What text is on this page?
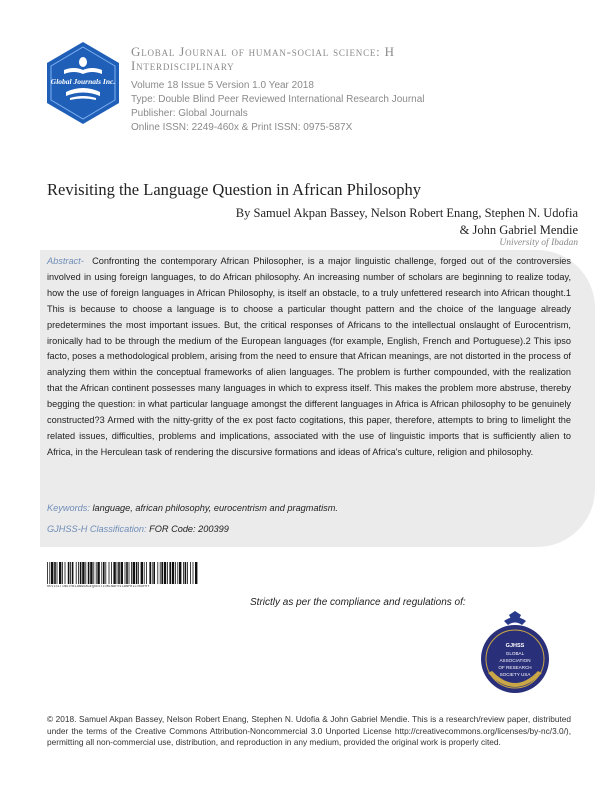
Global Journals Inc.
Global Journal of human-social science: H
Interdisciplinary
Volume 18 Issue 5 Version 1.0 Year 2018
Type: Double Blind Peer Reviewed International Research Journal
Publisher: Global Journals
Online ISSN: 2249-460x & Print ISSN: 0975-587X
Revisiting the Language Question in African Philosophy
By Samuel Akpan Bassey, Nelson Robert Enang, Stephen N. Udofia
& John Gabriel Mendie
University of Ibadan
Abstract- Confronting the contemporary African Philosopher, is a major linguistic challenge, forged out of the controversies involved in using foreign languages, to do African philosophy. An increasing number of scholars are beginning to realize today, how the use of foreign languages in African Philosophy, is itself an obstacle, to a truly unfettered research into African thought.1 This is because to choose a language is to choose a particular thought pattern and the choice of the language already predetermines the most important issues. But, the critical responses of Africans to the intellectual onslaught of Eurocentrism, ironically had to be through the medium of the European languages (for example, English, French and Portuguese).2 This ipso facto, poses a methodological problem, arising from the need to ensure that African meanings, are not distorted in the process of analyzing them within the conceptual frameworks of alien languages. The problem is further compounded, with the realization that the African continent possesses many languages in which to express itself. This makes the problem more abstruse, thereby begging the question: in what particular language amongst the different languages in Africa is African philosophy to be genuinely constructed?3 Armed with the nitty-gritty of the ex post facto cogitations, this paper, therefore, attempts to bring to limelight the related issues, difficulties, problems and implications, associated with the use of linguistic imports that is sufficiently alien to Africa, in the Herculean task of rendering the discursive formations and ideas of Africa's culture, religion and philosophy.
Keywords: language, african philosophy, eurocentrism and pragmatism.
GJHSS-H Classification: FOR Code: 200399
REVISITINGTHELANGUAGEQUESTIONINAFRICANPHILOSOPHY
Strictly as per the compliance and regulations of:
GJHSS
GLOBAL
ASSOCIATION
OF RESEARCH
SOCIETY USA
© 2018. Samuel Akpan Bassey, Nelson Robert Enang, Stephen N. Udofia & John Gabriel Mendie. This is a research/review paper, distributed under the terms of the Creative Commons Attribution-Noncommercial 3.0 Unported License http://creativecommons.org/licenses/by-nc/3.0/), permitting all non-commercial use, distribution, and reproduction in any medium, provided the original work is properly cited.
